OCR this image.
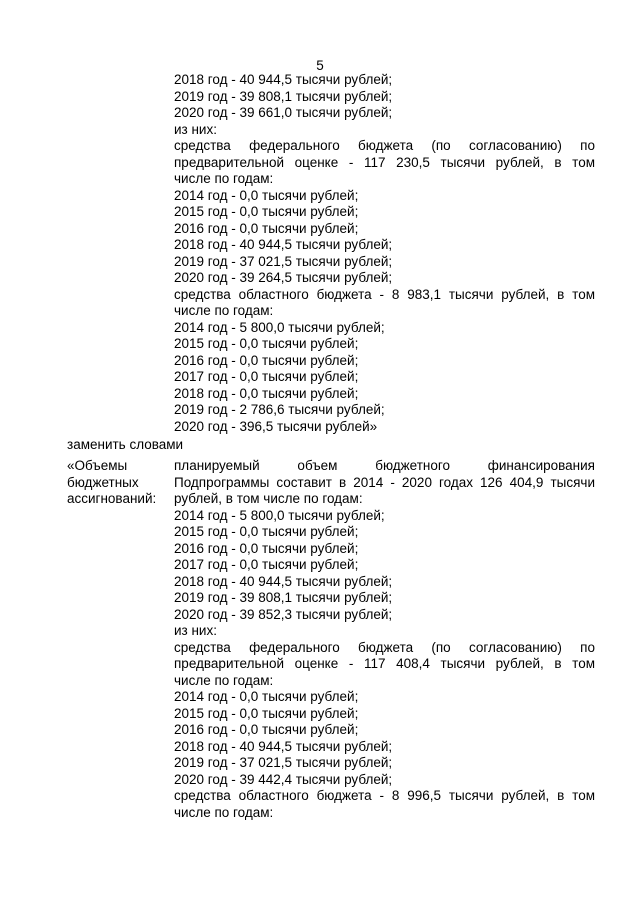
5
2018 год - 40 944,5 тысячи рублей;
2019 год - 39 808,1 тысячи рублей;
2020 год - 39 661,0 тысячи рублей;
из них:
средства федерального бюджета (по согласованию) по
предварительной оценке - 117 230,5 тысячи рублей, в том
числе по годам:
2014 год - 0,0 тысячи рублей;
2015 год - 0,0 тысячи рублей;
2016 год - 0,0 тысячи рублей;
2018 год - 40 944,5 тысячи рублей;
2019 год - 37 021,5 тысячи рублей;
2020 год - 39 264,5 тысячи рублей;
средства областного бюджета - 8 983,1 тысячи рублей, в том
числе по годам:
2014 год - 5 800,0 тысячи рублей;
2015 год - 0,0 тысячи рублей;
2016 год - 0,0 тысячи рублей;
2017 год - 0,0 тысячи рублей;
2018 год - 0,0 тысячи рублей;
2019 год - 2 786,6 тысячи рублей;
2020 год - 396,5 тысячи рублей»
заменить словами
«Объемы
бюджетных
ассигнований:
планируемый объем бюджетного финансирования
Подпрограммы составит в 2014 - 2020 годах 126 404,9 тысячи
рублей, в том числе по годам:
2014 год - 5 800,0 тысячи рублей;
2015 год - 0,0 тысячи рублей;
2016 год - 0,0 тысячи рублей;
2017 год - 0,0 тысячи рублей;
2018 год - 40 944,5 тысячи рублей;
2019 год - 39 808,1 тысячи рублей;
2020 год - 39 852,3 тысячи рублей;
из них:
средства федерального бюджета (по согласованию) по
предварительной оценке - 117 408,4 тысячи рублей, в том
числе по годам:
2014 год - 0,0 тысячи рублей;
2015 год - 0,0 тысячи рублей;
2016 год - 0,0 тысячи рублей;
2018 год - 40 944,5 тысячи рублей;
2019 год - 37 021,5 тысячи рублей;
2020 год - 39 442,4 тысячи рублей;
средства областного бюджета - 8 996,5 тысячи рублей, в том
числе по годам:
